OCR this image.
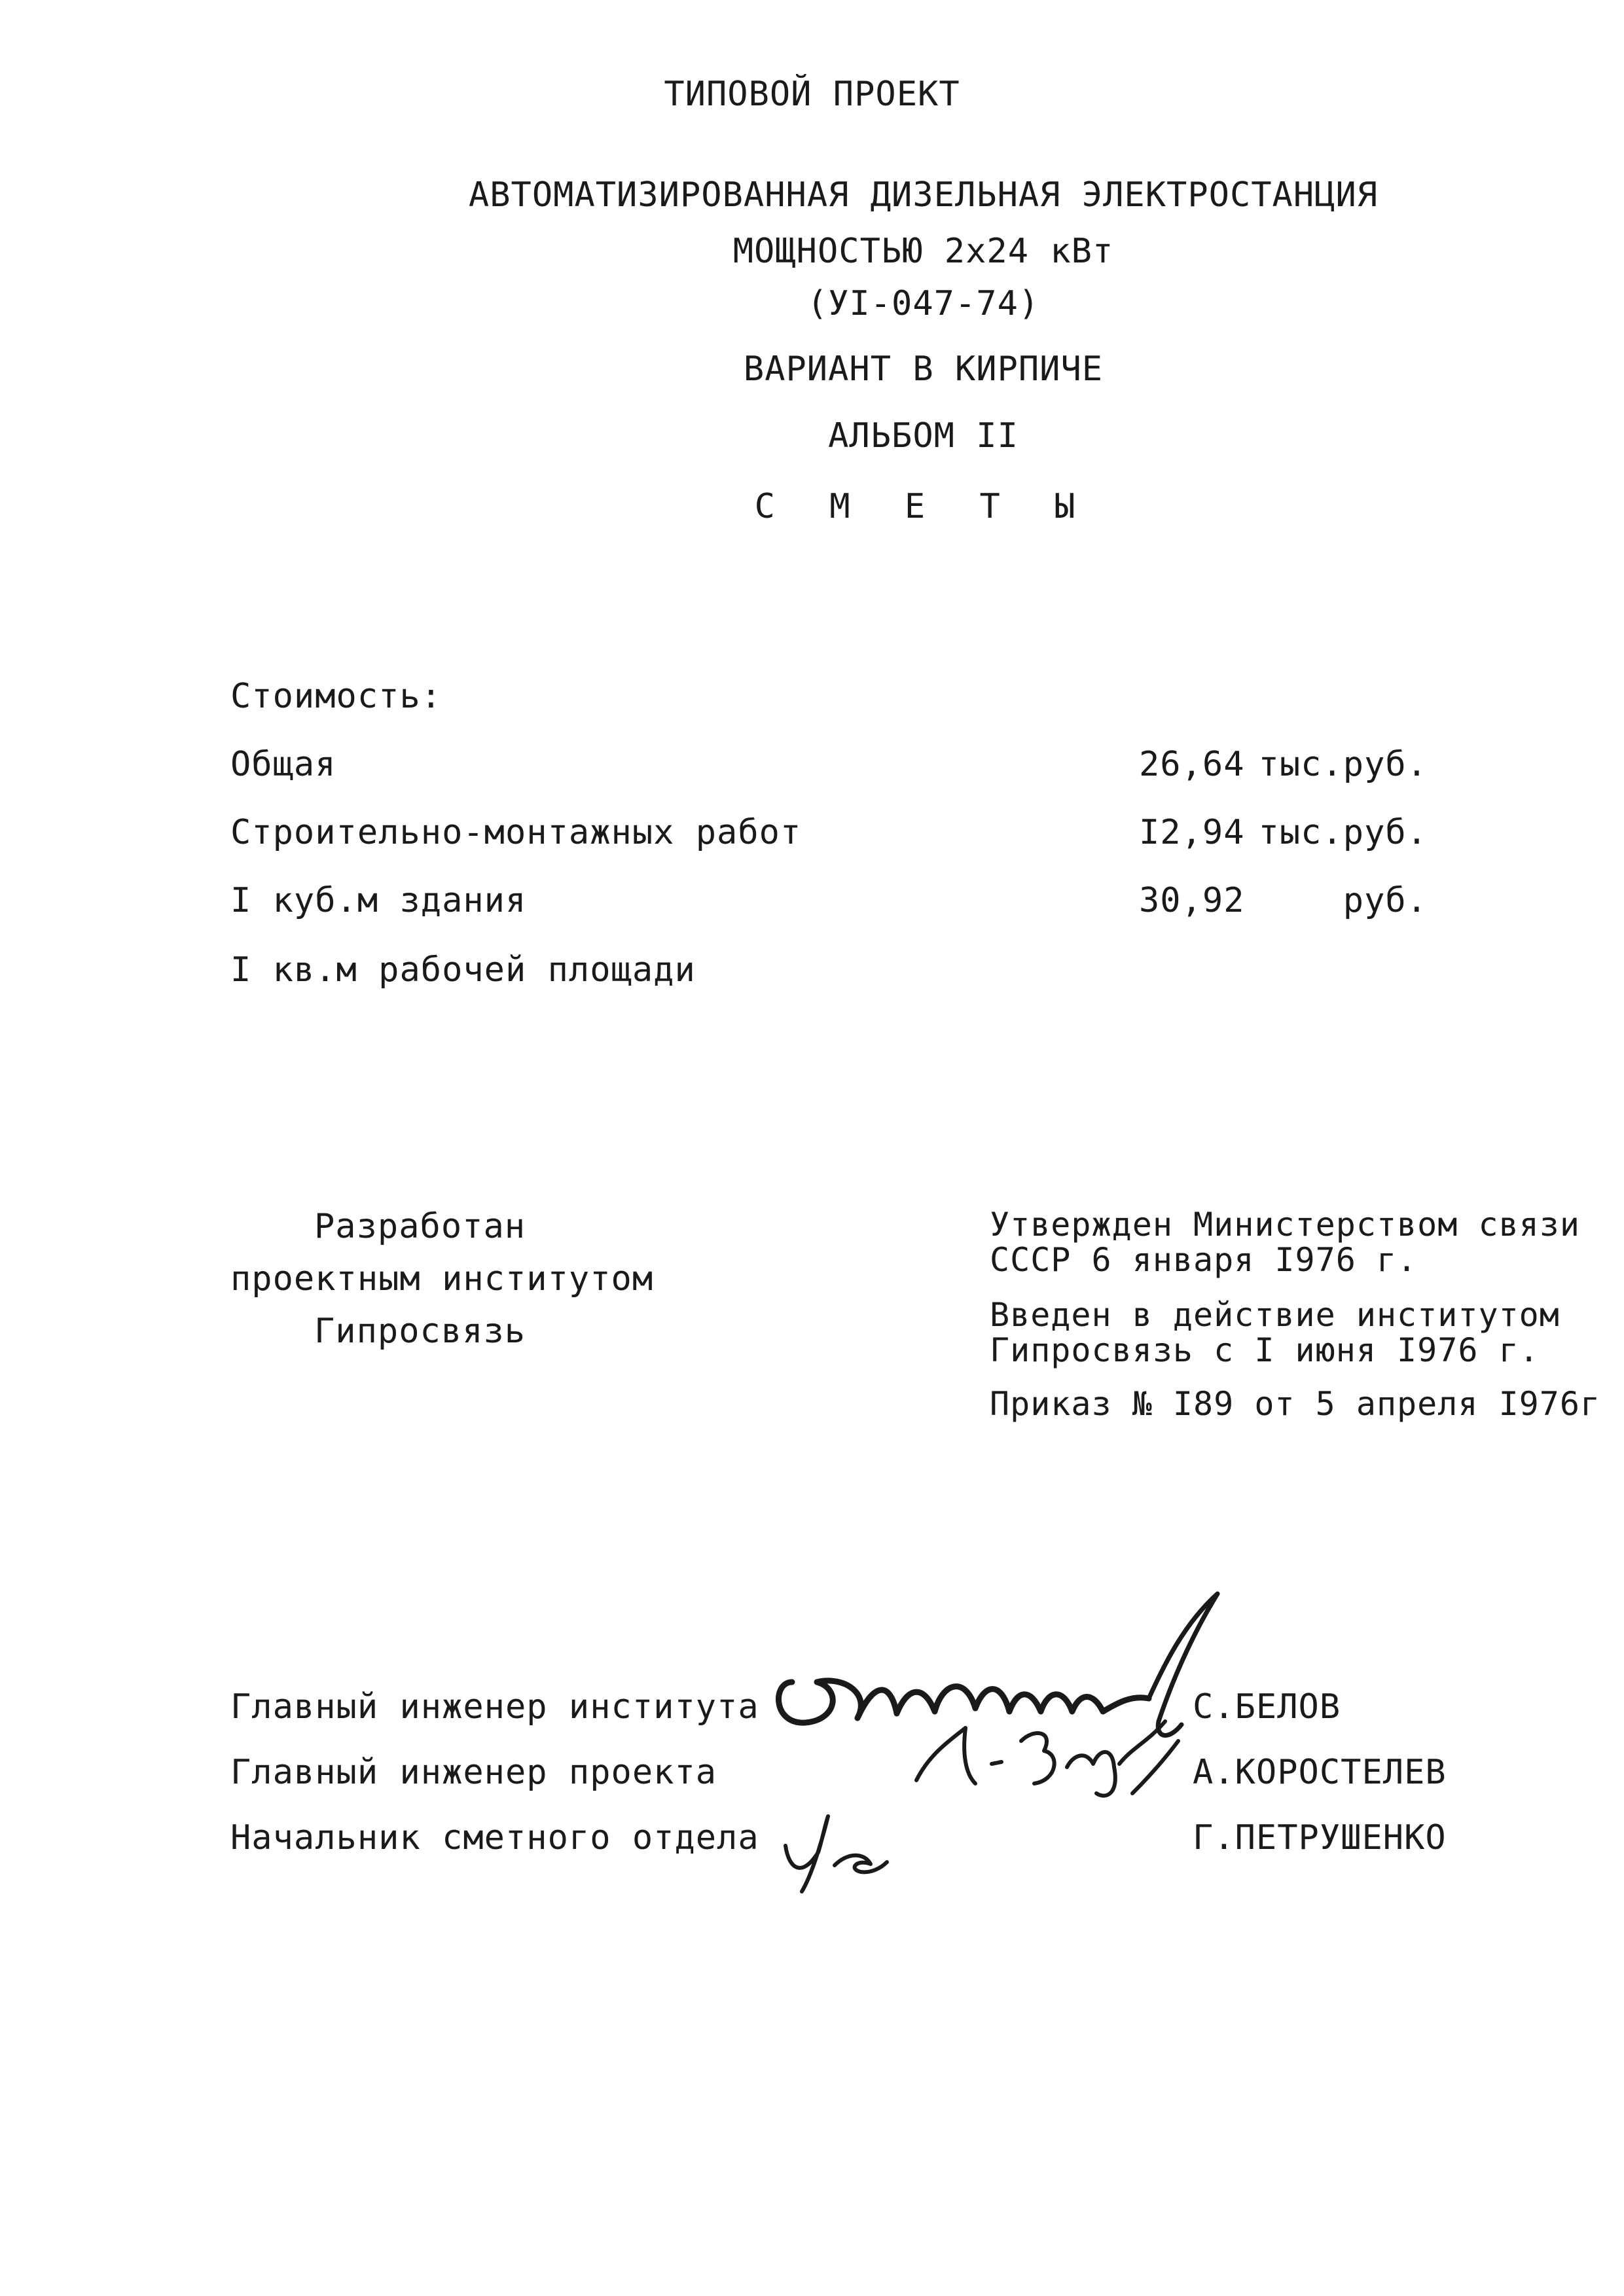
ТИПОВОЙ ПРОЕКТ
АВТОМАТИЗИРОВАННАЯ ДИЗЕЛЬНАЯ ЭЛЕКТРОСТАНЦИЯ
МОЩНОСТЬЮ 2х24 кВт
(УI-047-74)
ВАРИАНТ В КИРПИЧЕ
АЛЬБОМ II
С М Е Т Ы
Стоимость:
Общая	26,64 тыс.руб.
Строительно-монтажных работ	I2,94 тыс.руб.
I куб.м здания	30,92	руб.
I кв.м рабочей площади
Разработан
проектным институтом
Гипросвязь
Утвержден Министерством связи
СССР 6 января I976 г.
Введен в действие институтом
Гипросвязь с I июня I976 г.
Приказ № I89 от 5 апреля I976г
Главный инженер института	С.БЕЛОВ
Главный инженер проекта	А.КОРОСТЕЛЕВ
Начальник сметного отдела	Г.ПЕТРУШЕНКО
